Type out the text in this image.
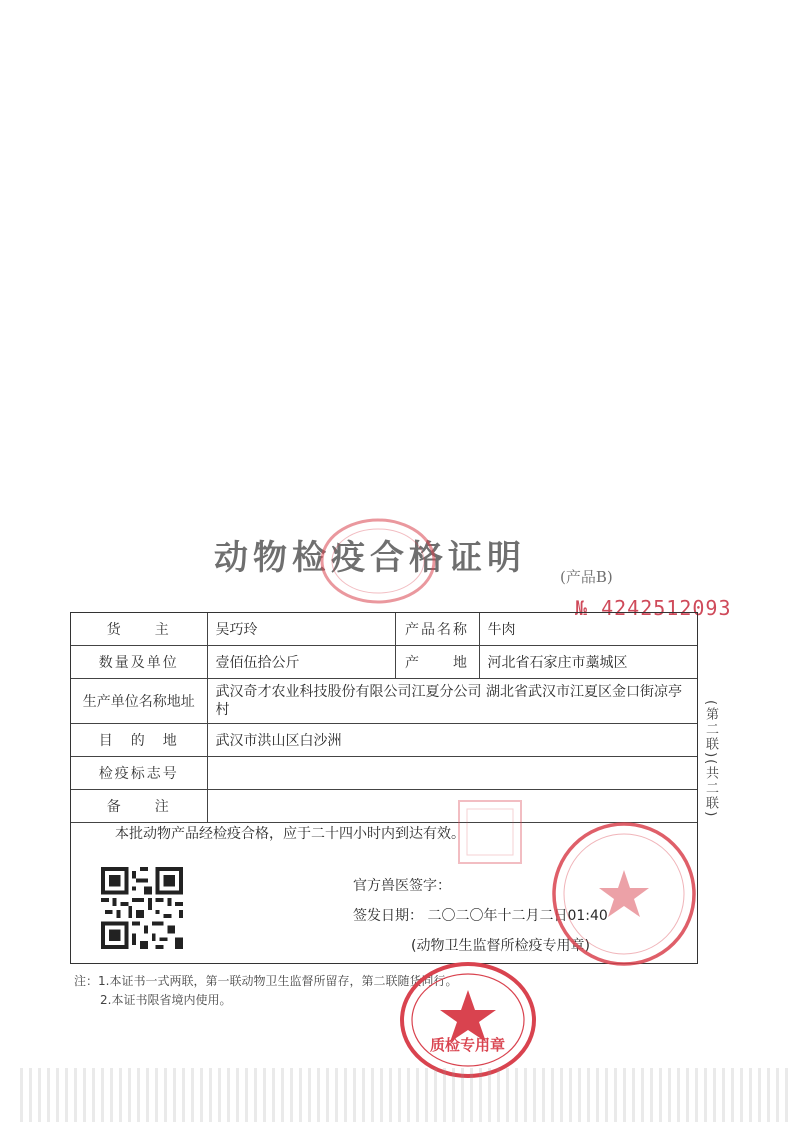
动物检疫合格证明 (产品B)
№ 4242512093
货　　主	吴巧玲	产品名称	牛肉
数量及单位	壹佰伍拾公斤	产　　地	河北省石家庄市藁城区
生产单位名称地址	武汉奇才农业科技股份有限公司江夏分公司 湖北省武汉市江夏区金口街凉亭村		
目　的　地	武汉市洪山区白沙洲		
检疫标志号			
备　　注			
本批动物产品经检疫合格，应于二十四小时内到达有效。
官方兽医签字：
签发日期： 二〇二〇年十二月二日01:40
(动物卫生监督所检疫专用章)
(第二联)(共二联)
注：1.本证书一式两联，第一联动物卫生监督所留存，第二联随货同行。
2.本证书限省境内使用。
质检专用章
